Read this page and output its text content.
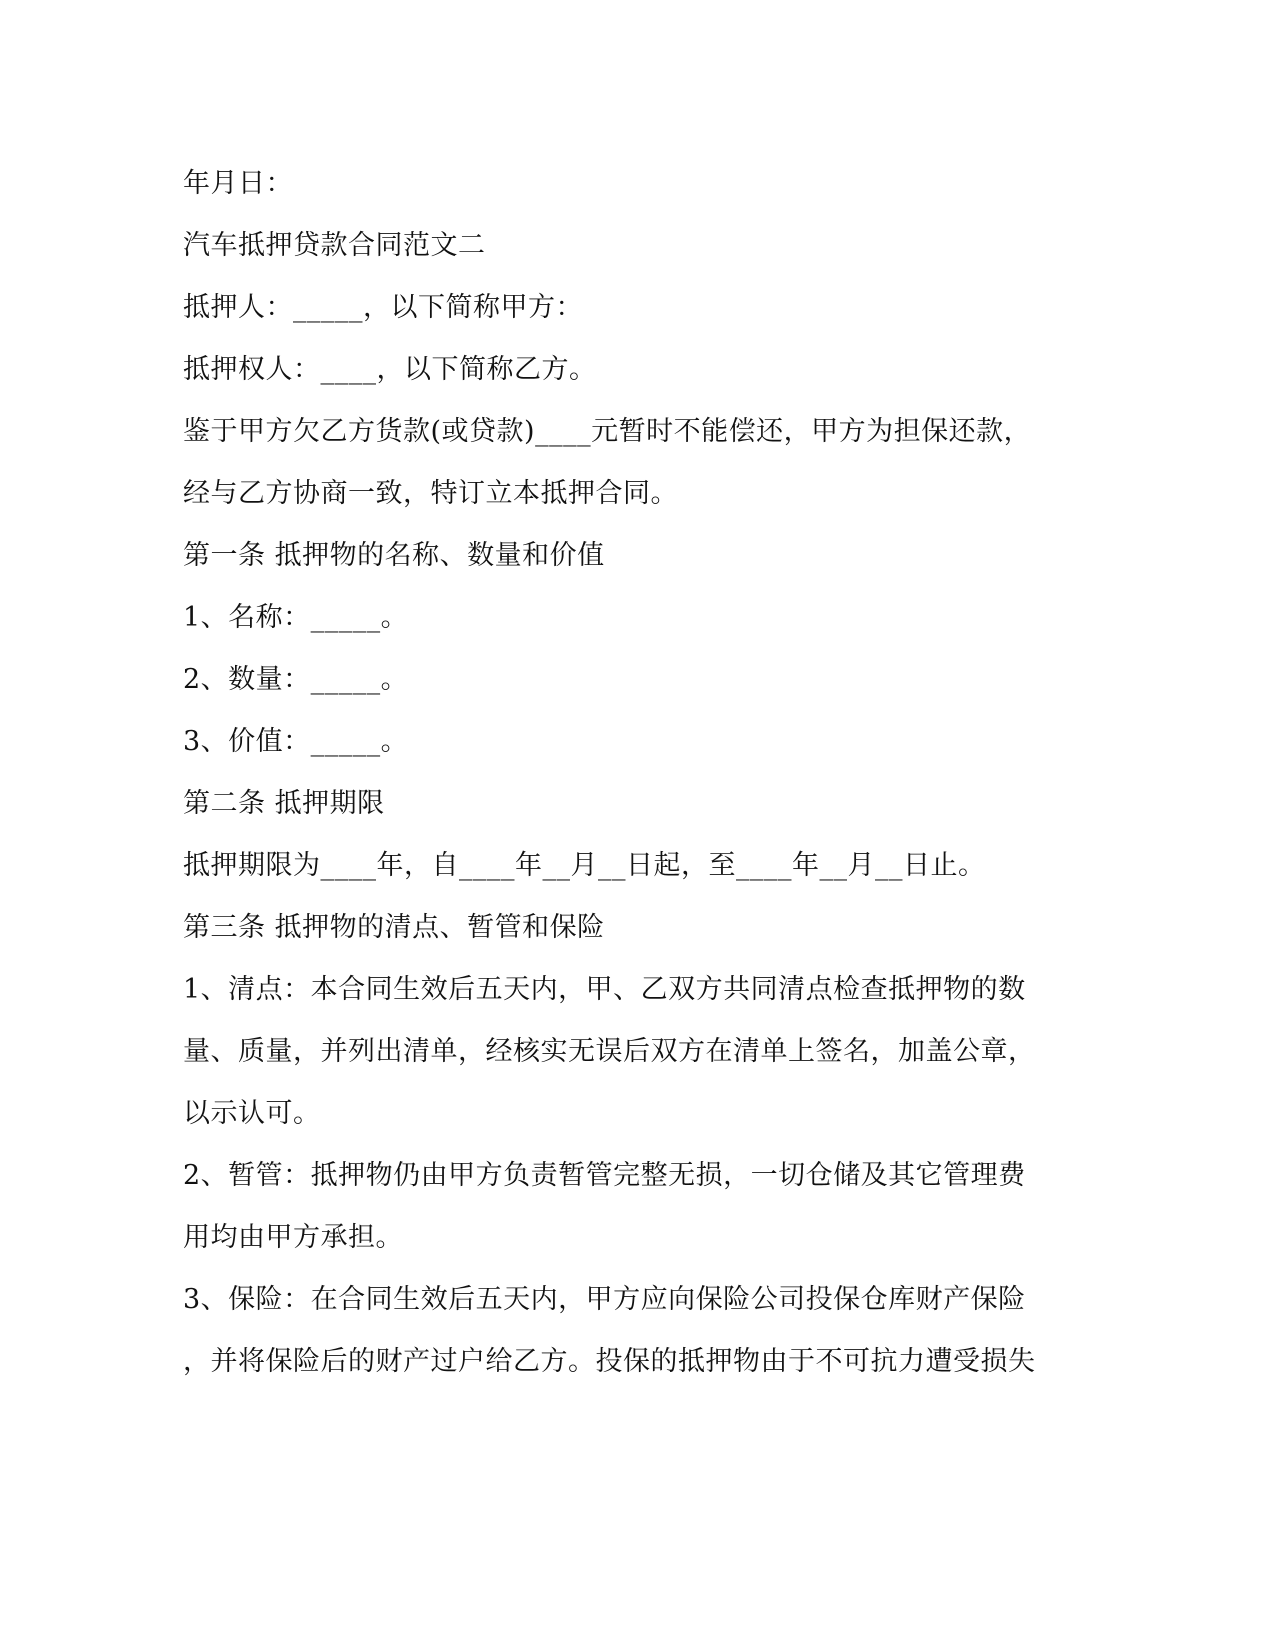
年月日：
汽车抵押贷款合同范文二
抵押人：_____，以下简称甲方：
抵押权人：____，以下简称乙方。
鉴于甲方欠乙方货款(或贷款)____元暂时不能偿还，甲方为担保还款，
经与乙方协商一致，特订立本抵押合同。
第一条 抵押物的名称、数量和价值
1、名称：_____。
2、数量：_____。
3、价值：_____。
第二条 抵押期限
抵押期限为____年，自____年__月__日起，至____年__月__日止。
第三条 抵押物的清点、暂管和保险
1、清点：本合同生效后五天内，甲、乙双方共同清点检查抵押物的数
量、质量，并列出清单，经核实无误后双方在清单上签名，加盖公章，
以示认可。
2、暂管：抵押物仍由甲方负责暂管完整无损，一切仓储及其它管理费
用均由甲方承担。
3、保险：在合同生效后五天内，甲方应向保险公司投保仓库财产保险
，并将保险后的财产过户给乙方。投保的抵押物由于不可抗力遭受损失
